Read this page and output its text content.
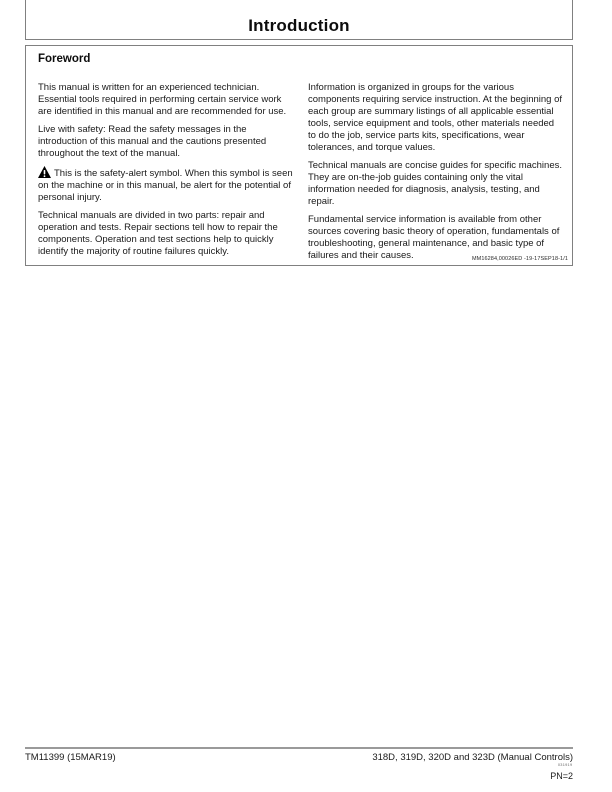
Introduction
Foreword

This manual is written for an experienced technician. Essential tools required in performing certain service work are identified in this manual and are recommended for use.

Live with safety: Read the safety messages in the introduction of this manual and the cautions presented throughout the text of the manual.

This is the safety-alert symbol. When this symbol is seen on the machine or in this manual, be alert for the potential of personal injury.

Technical manuals are divided in two parts: repair and operation and tests. Repair sections tell how to repair the components. Operation and test sections help to quickly identify the majority of routine failures quickly.

Information is organized in groups for the various components requiring service instruction. At the beginning of each group are summary listings of all applicable essential tools, service equipment and tools, other materials needed to do the job, service parts kits, specifications, wear tolerances, and torque values.

Technical manuals are concise guides for specific machines. They are on-the-job guides containing only the vital information needed for diagnosis, analysis, testing, and repair.

Fundamental service information is available from other sources covering basic theory of operation, fundamentals of troubleshooting, general maintenance, and basic type of failures and their causes.	MM16284,00026ED -19-17SEP18-1/1
TM11399 (15MAR19)	318D, 319D, 320D and 323D (Manual Controls)
031919
PN=2
